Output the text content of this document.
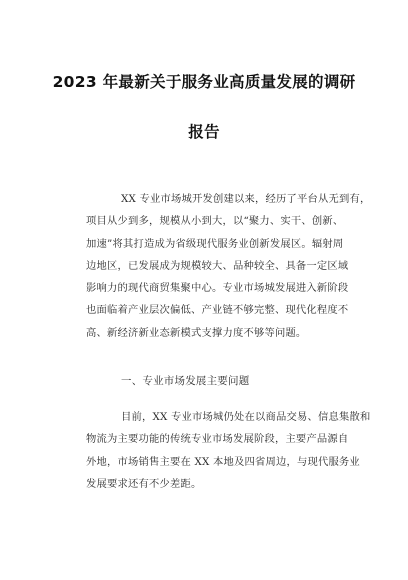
2023 年最新关于服务业高质量发展的调研
报告
XX 专业市场城开发创建以来，经历了平台从无到有，
项目从少到多，规模从小到大，以“聚力、实干、创新、
加速”将其打造成为省级现代服务业创新发展区。辐射周
边地区，已发展成为规模较大、品种较全、具备一定区域
影响力的现代商贸集聚中心。专业市场城发展进入新阶段
也面临着产业层次偏低、产业链不够完整、现代化程度不
高、新经济新业态新模式支撑力度不够等问题。
一、专业市场发展主要问题
目前，XX 专业市场城仍处在以商品交易、信息集散和
物流为主要功能的传统专业市场发展阶段，主要产品源自
外地，市场销售主要在 XX 本地及四省周边，与现代服务业
发展要求还有不少差距。
